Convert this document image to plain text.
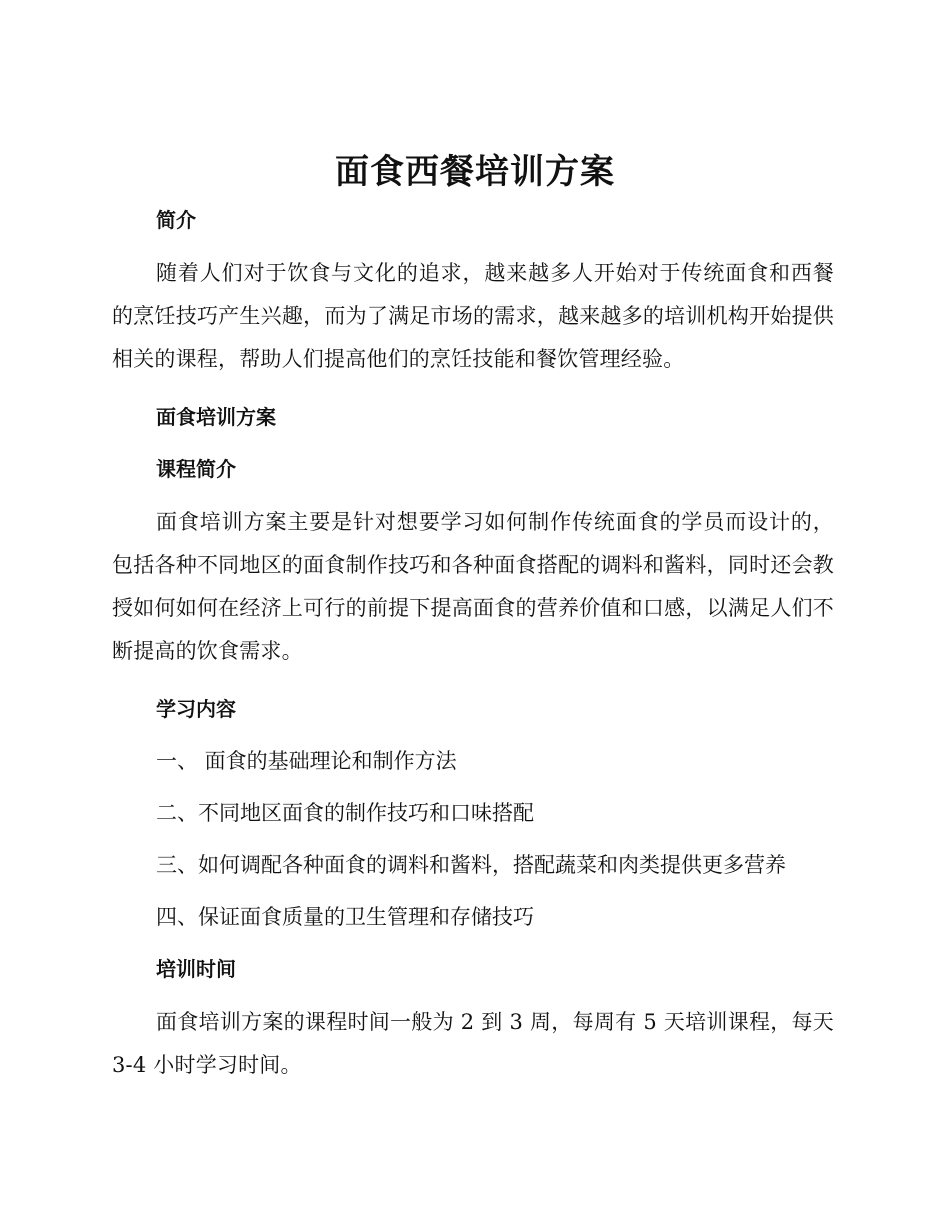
面食西餐培训方案

简介

随着人们对于饮食与文化的追求，越来越多人开始对于传统面食和西餐的烹饪技巧产生兴趣，而为了满足市场的需求，越来越多的培训机构开始提供相关的课程，帮助人们提高他们的烹饪技能和餐饮管理经验。

面食培训方案

课程简介

面食培训方案主要是针对想要学习如何制作传统面食的学员而设计的，包括各种不同地区的面食制作技巧和各种面食搭配的调料和酱料，同时还会教授如何如何在经济上可行的前提下提高面食的营养价值和口感，以满足人们不断提高的饮食需求。

学习内容

一、 面食的基础理论和制作方法

二、不同地区面食的制作技巧和口味搭配

三、如何调配各种面食的调料和酱料，搭配蔬菜和肉类提供更多营养

四、保证面食质量的卫生管理和存储技巧

培训时间

面食培训方案的课程时间一般为 2 到 3 周，每周有 5 天培训课程，每天 3-4 小时学习时间。
